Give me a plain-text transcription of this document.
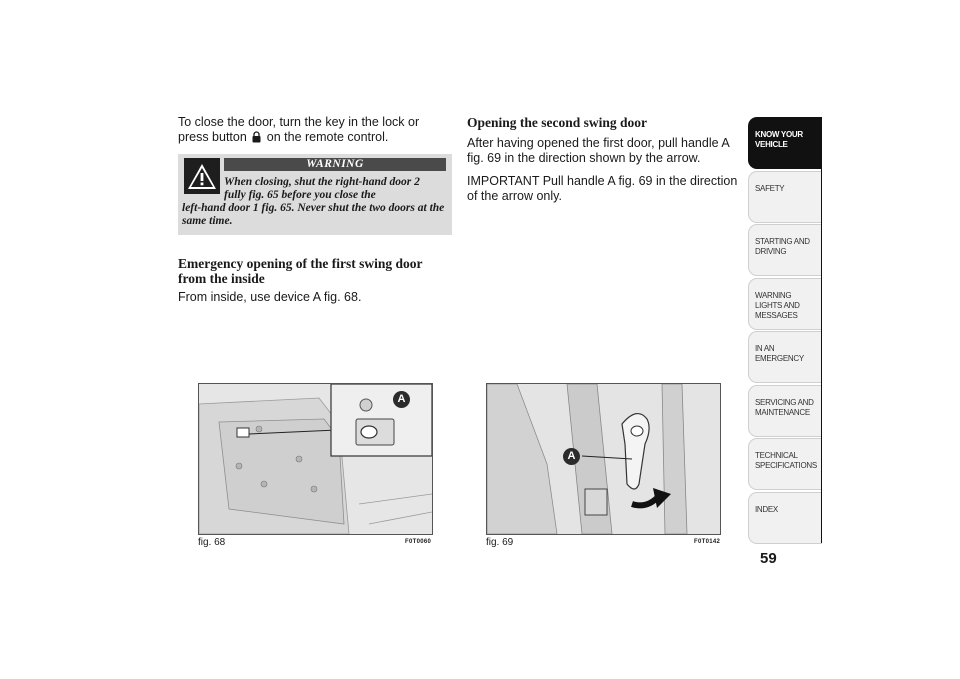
To close the door, turn the key in the lock or press button on the remote control.

WARNING
When closing, shut the right-hand door 2
fully fig. 65 before you close the
left-hand door 1 fig. 65. Never shut the two doors at the same time.
Emergency opening of the first swing door from the inside

From inside, use device A fig. 68.

Opening the second swing door

After having opened the first door, pull handle A fig. 69 in the direction shown by the arrow.

IMPORTANT Pull handle A fig. 69 in the direction of the arrow only.

A
fig. 68	F0T0060
A
fig. 69	F0T0142
KNOW YOUR VEHICLE
SAFETY
STARTING AND DRIVING
WARNING LIGHTS AND MESSAGES
IN AN EMERGENCY
SERVICING AND MAINTENANCE
TECHNICAL SPECIFICATIONS
INDEX
59
